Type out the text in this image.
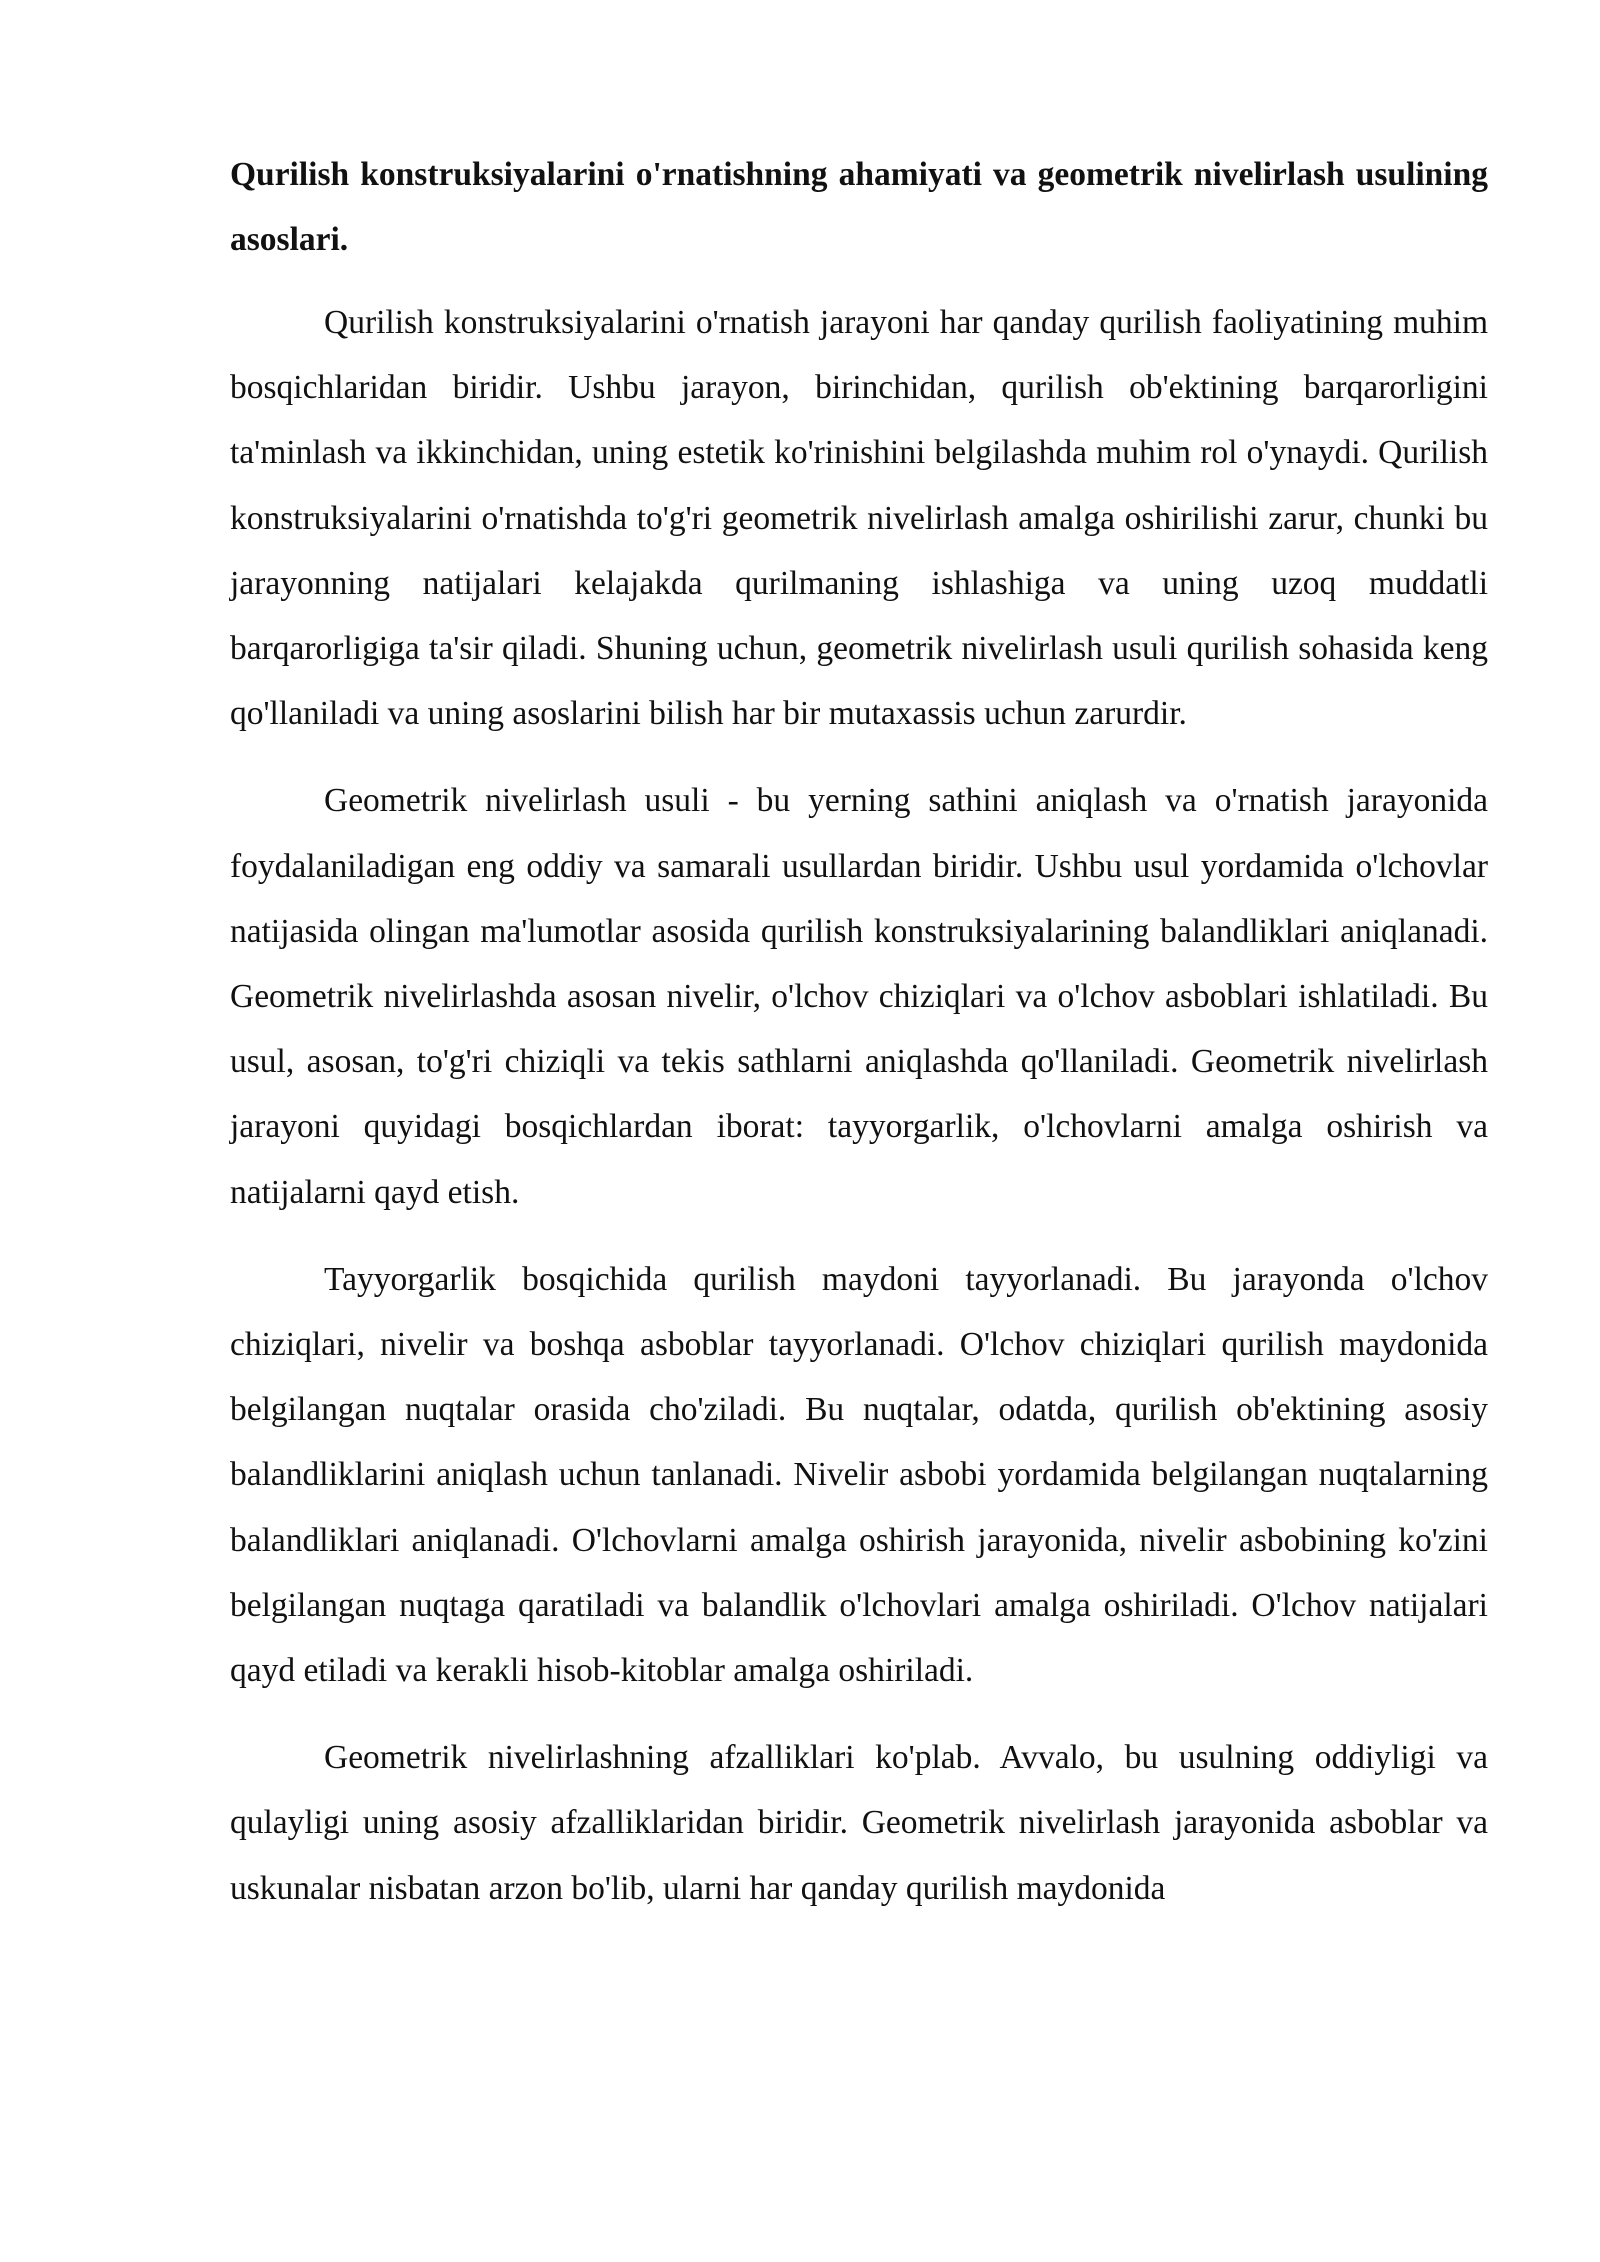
Qurilish konstruksiyalarini o'rnatishning ahamiyati va geometrik nivelirlash usulining asoslari.

Qurilish konstruksiyalarini o'rnatish jarayoni har qanday qurilish faoliyatining muhim bosqichlaridan biridir. Ushbu jarayon, birinchidan, qurilish ob'ektining barqarorligini ta'minlash va ikkinchidan, uning estetik ko'rinishini belgilashda muhim rol o'ynaydi. Qurilish konstruksiyalarini o'rnatishda to'g'ri geometrik nivelirlash amalga oshirilishi zarur, chunki bu jarayonning natijalari kelajakda qurilmaning ishlashiga va uning uzoq muddatli barqarorligiga ta'sir qiladi. Shuning uchun, geometrik nivelirlash usuli qurilish sohasida keng qo'llaniladi va uning asoslarini bilish har bir mutaxassis uchun zarurdir.

Geometrik nivelirlash usuli - bu yerning sathini aniqlash va o'rnatish jarayonida foydalaniladigan eng oddiy va samarali usullardan biridir. Ushbu usul yordamida o'lchovlar natijasida olingan ma'lumotlar asosida qurilish konstruksiyalarining balandliklari aniqlanadi. Geometrik nivelirlashda asosan nivelir, o'lchov chiziqlari va o'lchov asboblari ishlatiladi. Bu usul, asosan, to'g'ri chiziqli va tekis sathlarni aniqlashda qo'llaniladi. Geometrik nivelirlash jarayoni quyidagi bosqichlardan iborat: tayyorgarlik, o'lchovlarni amalga oshirish va natijalarni qayd etish.

Tayyorgarlik bosqichida qurilish maydoni tayyorlanadi. Bu jarayonda o'lchov chiziqlari, nivelir va boshqa asboblar tayyorlanadi. O'lchov chiziqlari qurilish maydonida belgilangan nuqtalar orasida cho'ziladi. Bu nuqtalar, odatda, qurilish ob'ektining asosiy balandliklarini aniqlash uchun tanlanadi. Nivelir asbobi yordamida belgilangan nuqtalarning balandliklari aniqlanadi. O'lchovlarni amalga oshirish jarayonida, nivelir asbobining ko'zini belgilangan nuqtaga qaratiladi va balandlik o'lchovlari amalga oshiriladi. O'lchov natijalari qayd etiladi va kerakli hisob-kitoblar amalga oshiriladi.

Geometrik nivelirlashning afzalliklari ko'plab. Avvalo, bu usulning oddiyligi va qulayligi uning asosiy afzalliklaridan biridir. Geometrik nivelirlash jarayonida asboblar va uskunalar nisbatan arzon bo'lib, ularni har qanday qurilish maydonida
